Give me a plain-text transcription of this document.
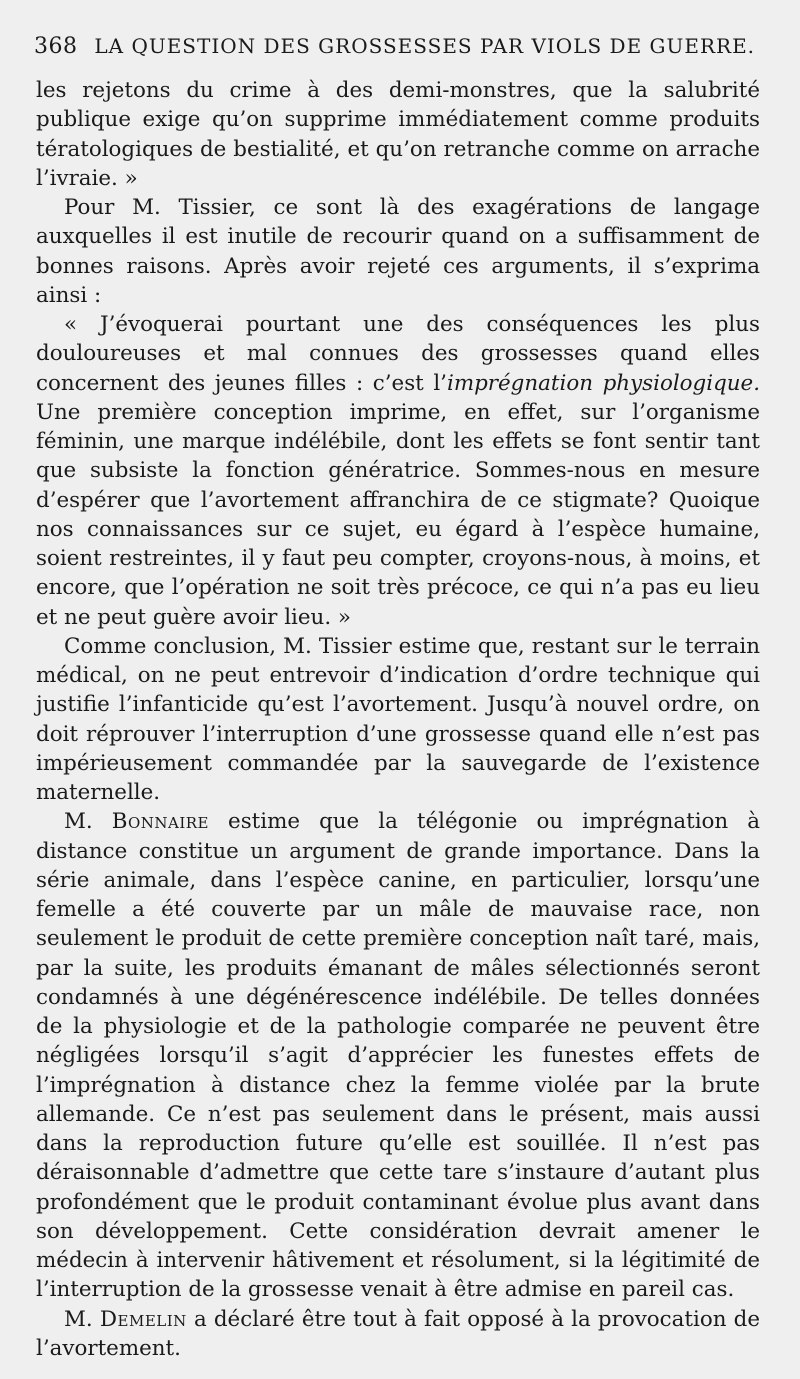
368 LA QUESTION DES GROSSESSES PAR VIOLS DE GUERRE.

les rejetons du crime à des demi-monstres, que la salubrité publique exige qu’on supprime immédiatement comme produits tératologiques de bestialité, et qu’on retranche comme on arrache l’ivraie. »

Pour M. Tissier, ce sont là des exagérations de langage auxquelles il est inutile de recourir quand on a suffisamment de bonnes raisons. Après avoir rejeté ces arguments, il s’exprima ainsi :

« J’évoquerai pourtant une des conséquences les plus douloureuses et mal connues des grossesses quand elles concernent des jeunes filles : c’est l’imprégnation physiologique. Une première conception imprime, en effet, sur l’organisme féminin, une marque indélébile, dont les effets se font sentir tant que subsiste la fonction génératrice. Sommes-nous en mesure d’espérer que l’avortement affranchira de ce stigmate? Quoique nos connaissances sur ce sujet, eu égard à l’espèce humaine, soient restreintes, il y faut peu compter, croyons-nous, à moins, et encore, que l’opération ne soit très précoce, ce qui n’a pas eu lieu et ne peut guère avoir lieu. »

Comme conclusion, M. Tissier estime que, restant sur le terrain médical, on ne peut entrevoir d’indication d’ordre technique qui justifie l’infanticide qu’est l’avortement. Jusqu’à nouvel ordre, on doit réprouver l’interruption d’une grossesse quand elle n’est pas impérieusement commandée par la sauvegarde de l’existence maternelle.

M. Bonnaire estime que la télégonie ou imprégnation à distance constitue un argument de grande importance. Dans la série animale, dans l’espèce canine, en particulier, lorsqu’une femelle a été couverte par un mâle de mauvaise race, non seulement le produit de cette première conception naît taré, mais, par la suite, les produits émanant de mâles sélectionnés seront condamnés à une dégénérescence indélébile. De telles données de la physiologie et de la pathologie comparée ne peuvent être négligées lorsqu’il s’agit d’apprécier les funestes effets de l’imprégnation à distance chez la femme violée par la brute allemande. Ce n’est pas seulement dans le présent, mais aussi dans la reproduction future qu’elle est souillée. Il n’est pas déraisonnable d’admettre que cette tare s’instaure d’autant plus profondément que le produit contaminant évolue plus avant dans son développement. Cette considération devrait amener le médecin à intervenir hâtivement et résolument, si la légitimité de l’interruption de la grossesse venait à être admise en pareil cas.

M. Demelin a déclaré être tout à fait opposé à la provocation de l’avortement.
